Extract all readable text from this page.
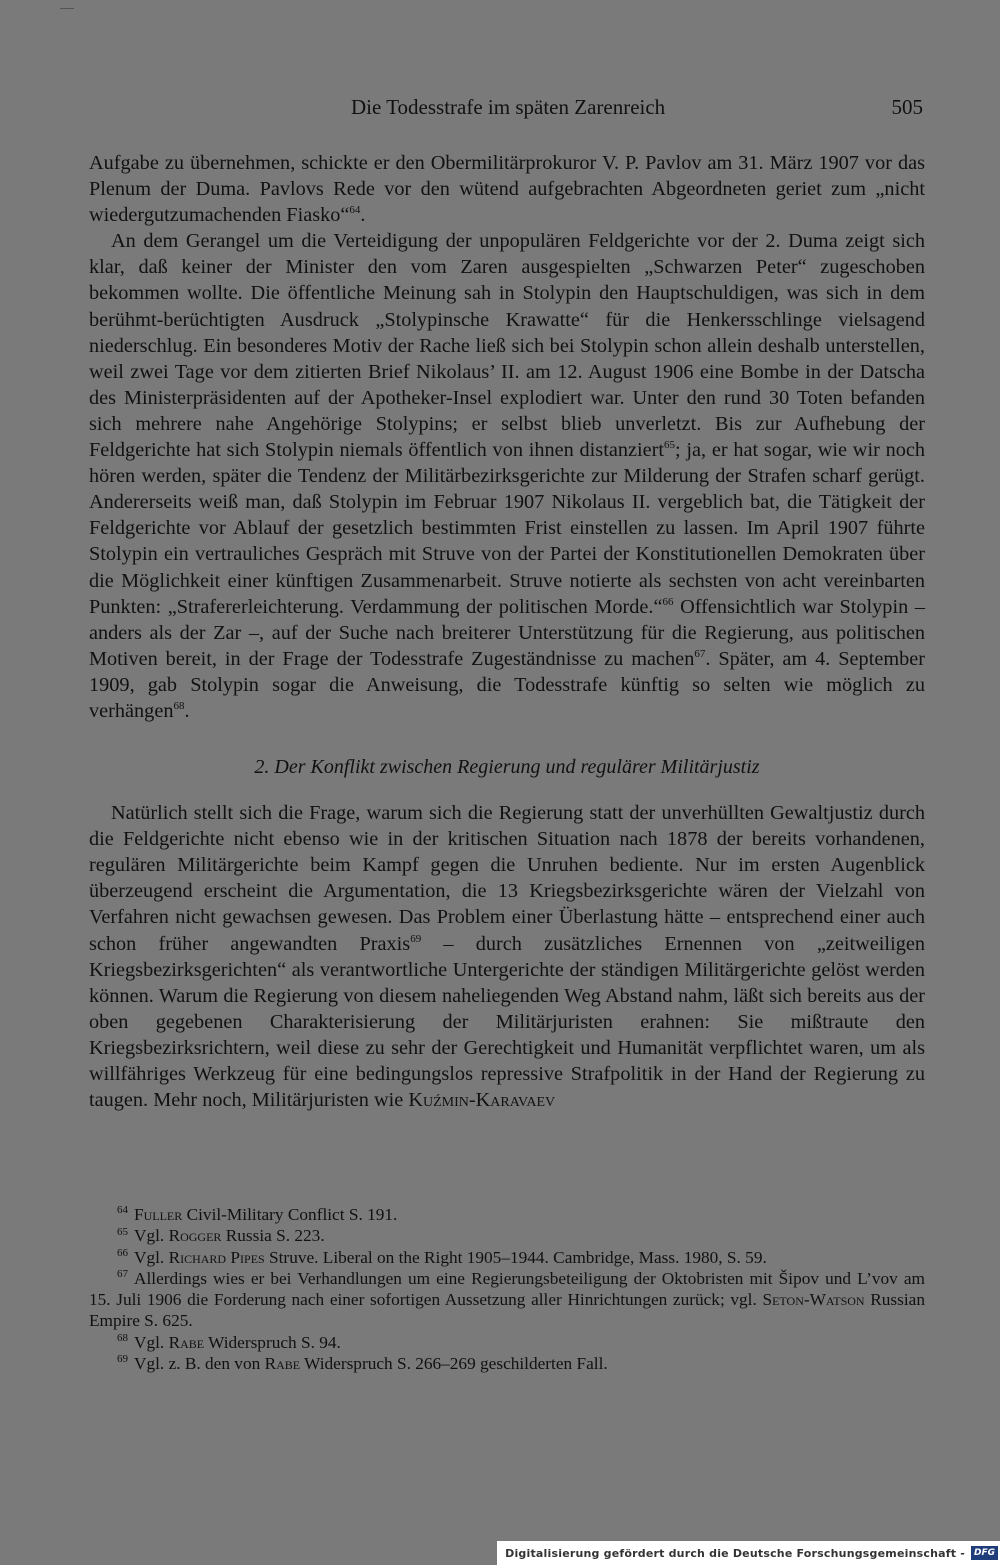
Die Todesstrafe im späten Zarenreich	505

Aufgabe zu übernehmen, schickte er den Obermilitärprokuror V. P. Pavlov am 31. März 1907 vor das Plenum der Duma. Pavlovs Rede vor den wütend aufgebrachten Abgeordneten geriet zum „nicht wiedergutzumachenden Fiasko“$^{64}$.

An dem Gerangel um die Verteidigung der unpopulären Feldgerichte vor der 2. Duma zeigt sich klar, daß keiner der Minister den vom Zaren ausgespielten „Schwarzen Peter“ zugeschoben bekommen wollte. Die öffentliche Meinung sah in Stolypin den Hauptschuldigen, was sich in dem berühmt-berüchtigten Ausdruck „Stolypinsche Krawatte“ für die Henkersschlinge vielsagend niederschlug. Ein besonderes Motiv der Rache ließ sich bei Stolypin schon allein deshalb unterstellen, weil zwei Tage vor dem zitierten Brief Nikolaus’ II. am 12. August 1906 eine Bombe in der Datscha des Ministerpräsidenten auf der Apotheker-Insel explodiert war. Unter den rund 30 Toten befanden sich mehrere nahe Angehörige Stolypins; er selbst blieb unverletzt. Bis zur Aufhebung der Feldgerichte hat sich Stolypin niemals öffentlich von ihnen distanziert$^{65}$; ja, er hat sogar, wie wir noch hören werden, später die Tendenz der Militärbezirksgerichte zur Milderung der Strafen scharf gerügt. Andererseits weiß man, daß Stolypin im Februar 1907 Nikolaus II. vergeblich bat, die Tätigkeit der Feldgerichte vor Ablauf der gesetzlich bestimmten Frist einstellen zu lassen. Im April 1907 führte Stolypin ein vertrauliches Gespräch mit Struve von der Partei der Konstitutionellen Demokraten über die Möglichkeit einer künftigen Zusammenarbeit. Struve notierte als sechsten von acht vereinbarten Punkten: „Strafererleichterung. Verdammung der politischen Morde.“$^{66}$ Offensichtlich war Stolypin – anders als der Zar –, auf der Suche nach breiterer Unterstützung für die Regierung, aus politischen Motiven bereit, in der Frage der Todesstrafe Zugeständnisse zu machen$^{67}$. Später, am 4. September 1909, gab Stolypin sogar die Anweisung, die Todesstrafe künftig so selten wie möglich zu verhängen$^{68}$.

2. Der Konflikt zwischen Regierung und regulärer Militärjustiz

Natürlich stellt sich die Frage, warum sich die Regierung statt der unverhüllten Gewaltjustiz durch die Feldgerichte nicht ebenso wie in der kritischen Situation nach 1878 der bereits vorhandenen, regulären Militärgerichte beim Kampf gegen die Unruhen bediente. Nur im ersten Augenblick überzeugend erscheint die Argumentation, die 13 Kriegsbezirksgerichte wären der Vielzahl von Verfahren nicht gewachsen gewesen. Das Problem einer Überlastung hätte – entsprechend einer auch schon früher angewandten Praxis$^{69}$ – durch zusätzliches Ernennen von „zeitweiligen Kriegsbezirksgerichten“ als verantwortliche Untergerichte der ständigen Militärgerichte gelöst werden können. Warum die Regierung von diesem naheliegenden Weg Abstand nahm, läßt sich bereits aus der oben gegebenen Charakterisierung der Militärjuristen erahnen: Sie mißtraute den Kriegsbezirksrichtern, weil diese zu sehr der Gerechtigkeit und Humanität verpflichtet waren, um als willfähriges Werkzeug für eine bedingungslos repressive Strafpolitik in der Hand der Regierung zu taugen. Mehr noch, Militärjuristen wie Kuźmin-Karavaev

$^{64}$ Fuller Civil-Military Conflict S. 191.

$^{65}$ Vgl. Rogger Russia S. 223.

$^{66}$ Vgl. Richard Pipes Struve. Liberal on the Right 1905–1944. Cambridge, Mass. 1980, S. 59.

$^{67}$ Allerdings wies er bei Verhandlungen um eine Regierungsbeteiligung der Oktobristen mit Šipov und L’vov am 15. Juli 1906 die Forderung nach einer sofortigen Aussetzung aller Hinrichtungen zurück; vgl. Seton-Watson Russian Empire S. 625.

$^{68}$ Vgl. Rabe Widerspruch S. 94.

$^{69}$ Vgl. z. B. den von Rabe Widerspruch S. 266–269 geschilderten Fall.

Digitalisierung gefördert durch die Deutsche Forschungsgemeinschaft -	DFG
